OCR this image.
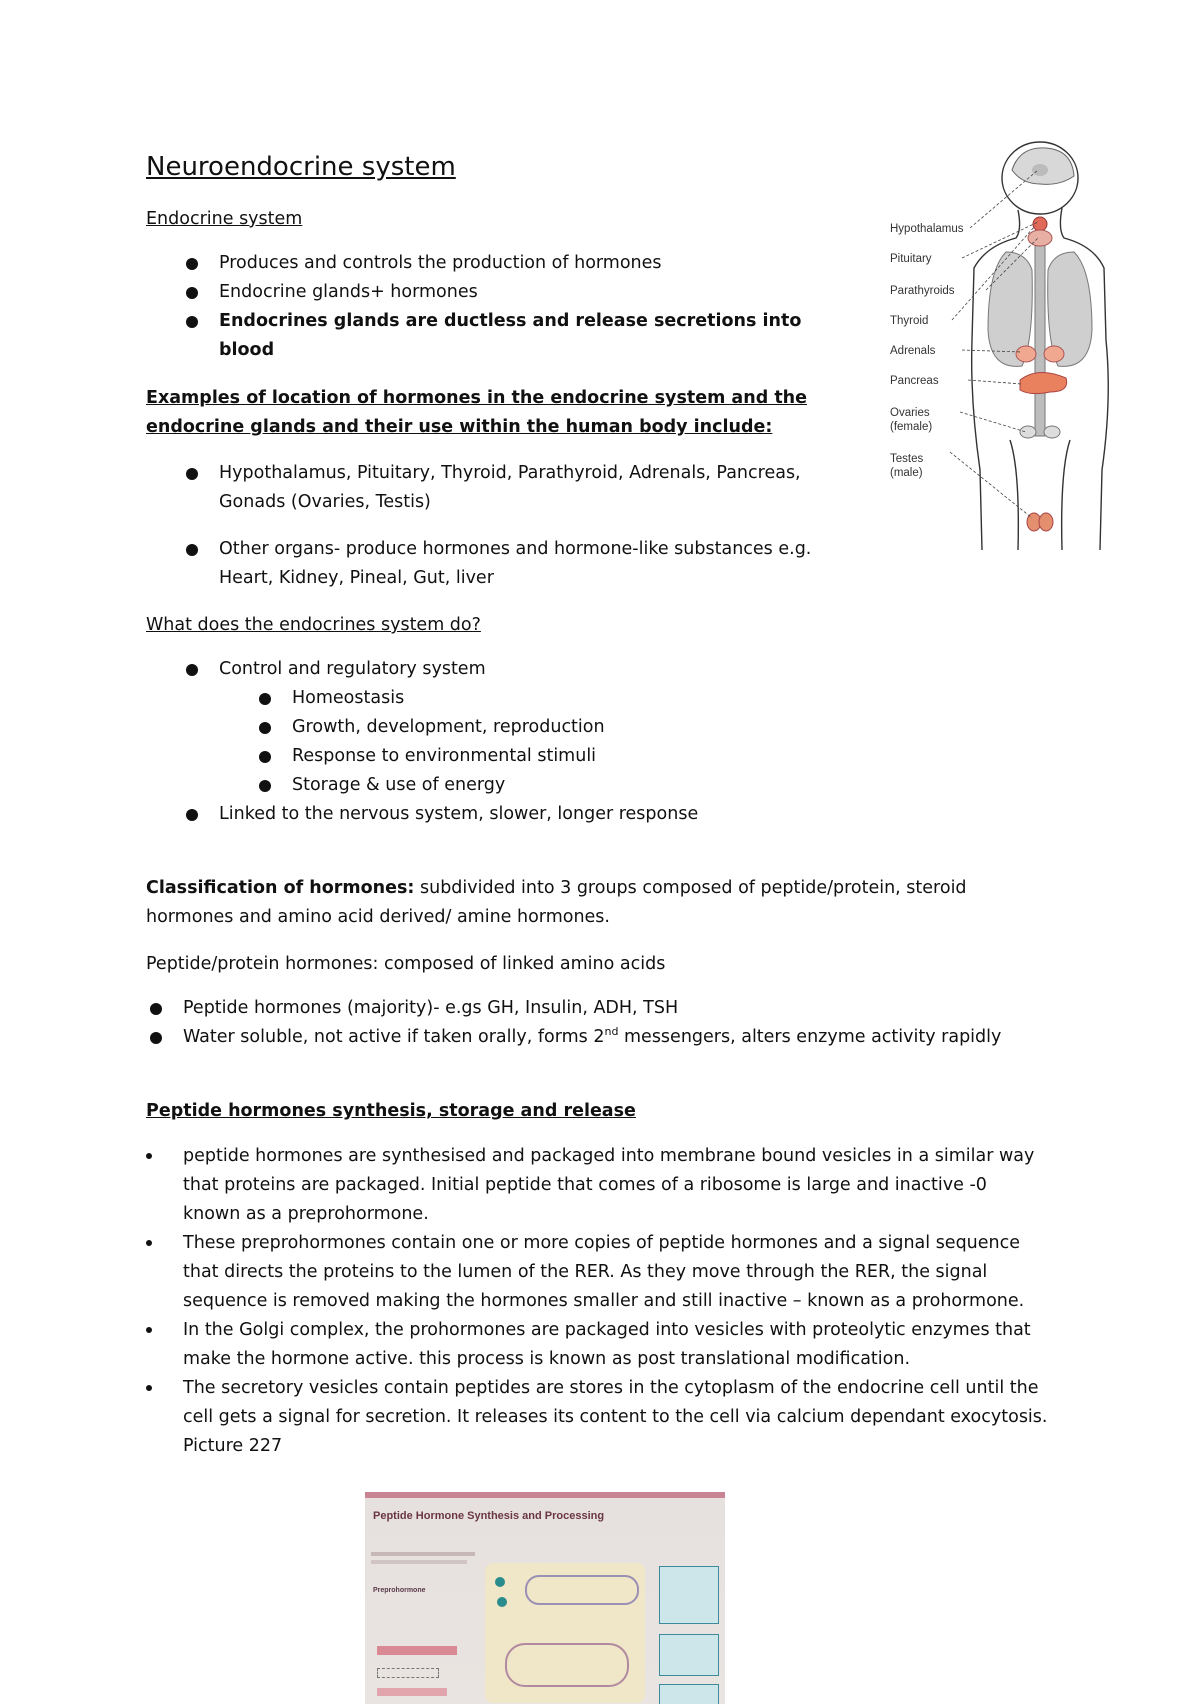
Neuroendocrine system
Endocrine system
Produces and controls the production of hormones
Endocrine glands+ hormones
Endocrines glands are ductless and release secretions into blood
Examples of location of hormones in the endocrine system and the
endocrine glands and their use within the human body include:
Hypothalamus, Pituitary, Thyroid, Parathyroid, Adrenals, Pancreas,
Gonads (Ovaries, Testis)
Other organs- produce hormones and hormone-like substances e.g.
Heart, Kidney, Pineal, Gut, liver
What does the endocrines system do?
Control and regulatory system
Homeostasis
Growth, development, reproduction
Response to environmental stimuli
Storage & use of energy
Linked to the nervous system, slower, longer response
Classification of hormones: subdivided into 3 groups composed of peptide/protein, steroid
hormones and amino acid derived/ amine hormones.

Peptide/protein hormones: composed of linked amino acids

Peptide hormones (majority)- e.gs GH, Insulin, ADH, TSH
Water soluble, not active if taken orally, forms 2nd messengers, alters enzyme activity rapidly
Peptide hormones synthesis, storage and release
peptide hormones are synthesised and packaged into membrane bound vesicles in a similar way
that proteins are packaged. Initial peptide that comes of a ribosome is large and inactive -0
known as a preprohormone.
These preprohormones contain one or more copies of peptide hormones and a signal sequence
that directs the proteins to the lumen of the RER. As they move through the RER, the signal
sequence is removed making the hormones smaller and still inactive – known as a prohormone.
In the Golgi complex, the prohormones are packaged into vesicles with proteolytic enzymes that
make the hormone active. this process is known as post translational modification.
The secretory vesicles contain peptides are stores in the cytoplasm of the endocrine cell until the
cell gets a signal for secretion. It releases its content to the cell via calcium dependant exocytosis.
Picture 227
Hypothalamus
Pituitary
Parathyroids
Thyroid
Adrenals
Pancreas
Ovaries
(female)
Testes
(male)
Peptide Hormone Synthesis and Processing
Preprohormone
